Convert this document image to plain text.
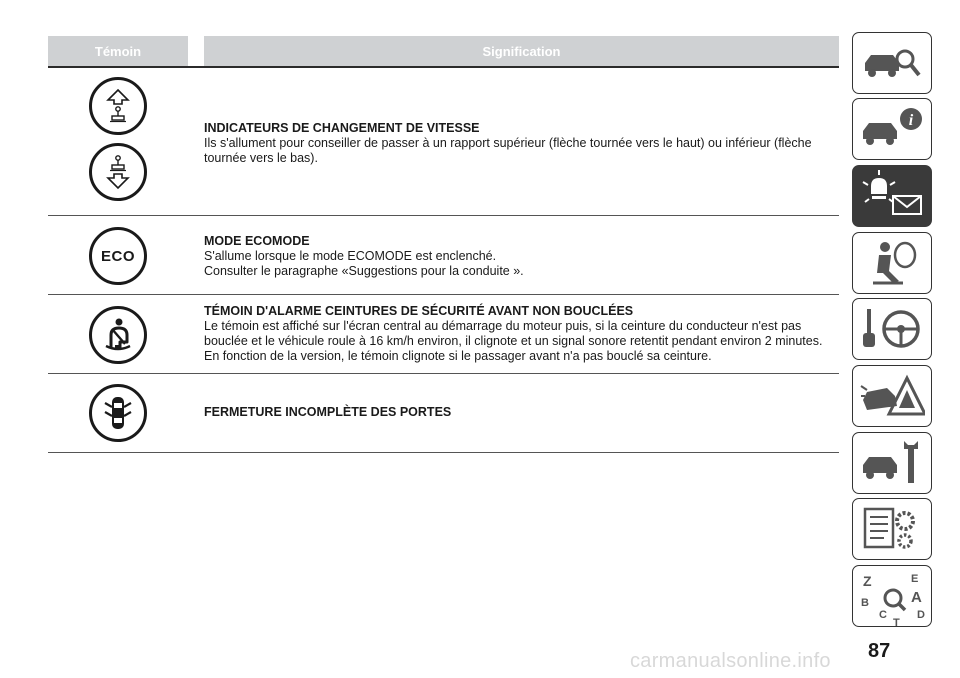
Témoin	Signification
INDICATEURS DE CHANGEMENT DE VITESSE
Ils s'allument pour conseiller de passer à un rapport supérieur (flèche tournée vers le haut) ou inférieur (flèche tournée vers le bas).
ECO
MODE ECOMODE
S'allume lorsque le mode ECOMODE est enclenché.
Consulter le paragraphe «Suggestions pour la conduite ».
TÉMOIN D'ALARME CEINTURES DE SÉCURITÉ AVANT NON BOUCLÉES
Le témoin est affiché sur l'écran central au démarrage du moteur puis, si la ceinture du conducteur n'est pas bouclée et le véhicule roule à 16 km/h environ, il clignote et un signal sonore retentit pendant environ 2 minutes. En fonction de la version, le témoin clignote si le passager avant n'a pas bouclé sa ceinture.
FERMETURE INCOMPLÈTE DES PORTES
i
Z	E
A
B
C
T
D
87
carmanualsonline.info
